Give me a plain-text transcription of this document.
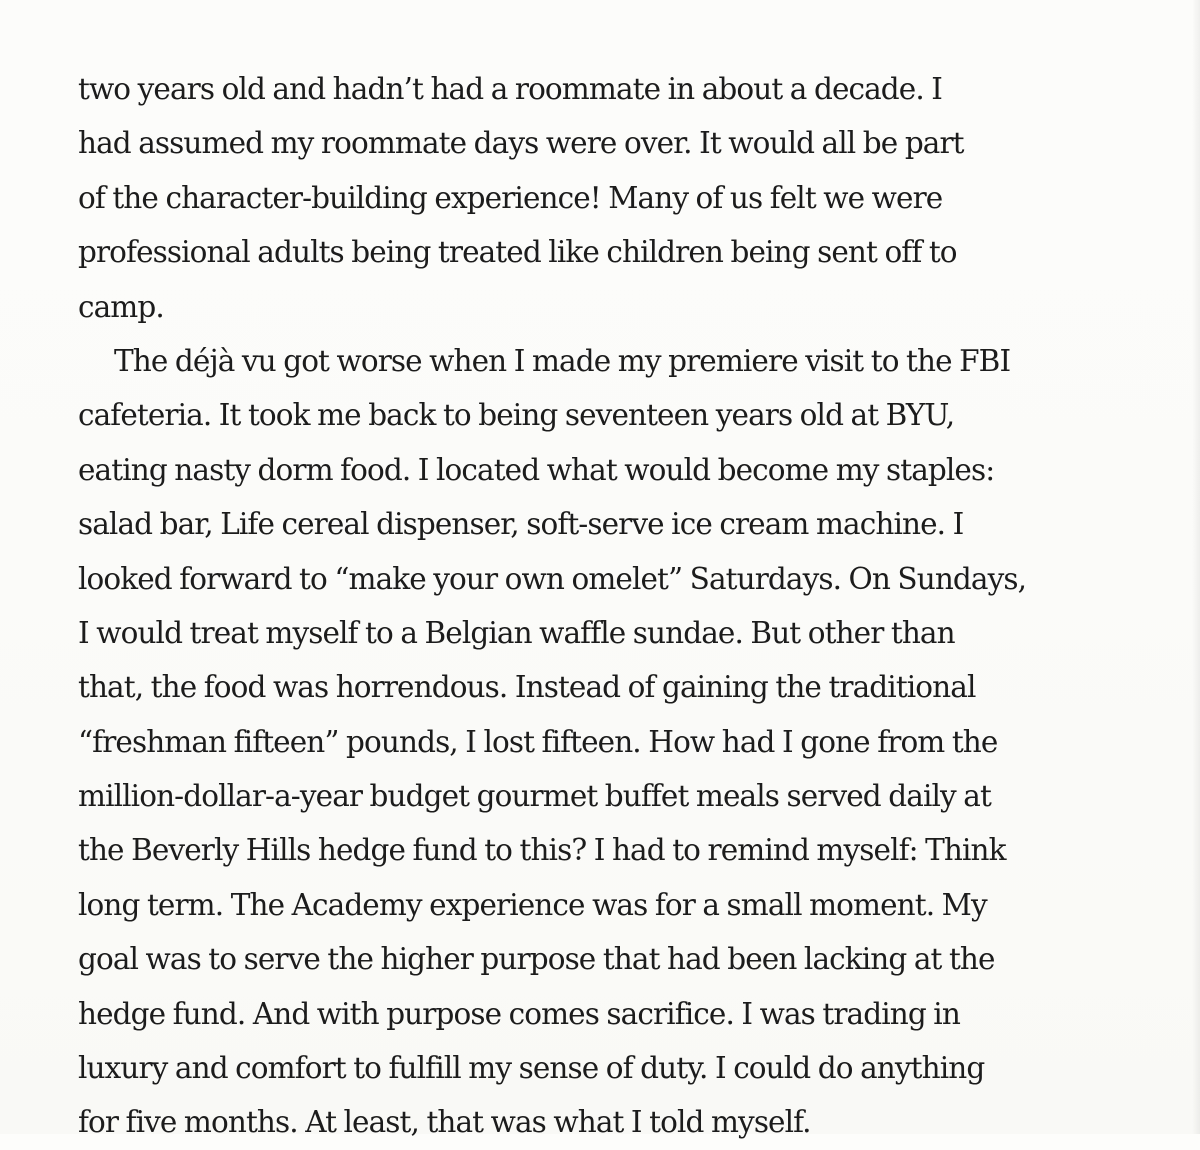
two years old and hadn’t had a roommate in about a decade. I
had assumed my roommate days were over. It would all be part
of the character-building experience! Many of us felt we were
professional adults being treated like children being sent off to
camp.
The déjà vu got worse when I made my premiere visit to the FBI
cafeteria. It took me back to being seventeen years old at BYU,
eating nasty dorm food. I located what would become my staples:
salad bar, Life cereal dispenser, soft-serve ice cream machine. I
looked forward to “make your own omelet” Saturdays. On Sundays,
I would treat myself to a Belgian waffle sundae. But other than
that, the food was horrendous. Instead of gaining the traditional
“freshman fifteen” pounds, I lost fifteen. How had I gone from the
million-dollar-a-year budget gourmet buffet meals served daily at
the Beverly Hills hedge fund to this? I had to remind myself: Think
long term. The Academy experience was for a small moment. My
goal was to serve the higher purpose that had been lacking at the
hedge fund. And with purpose comes sacrifice. I was trading in
luxury and comfort to fulfill my sense of duty. I could do anything
for five months. At least, that was what I told myself.
